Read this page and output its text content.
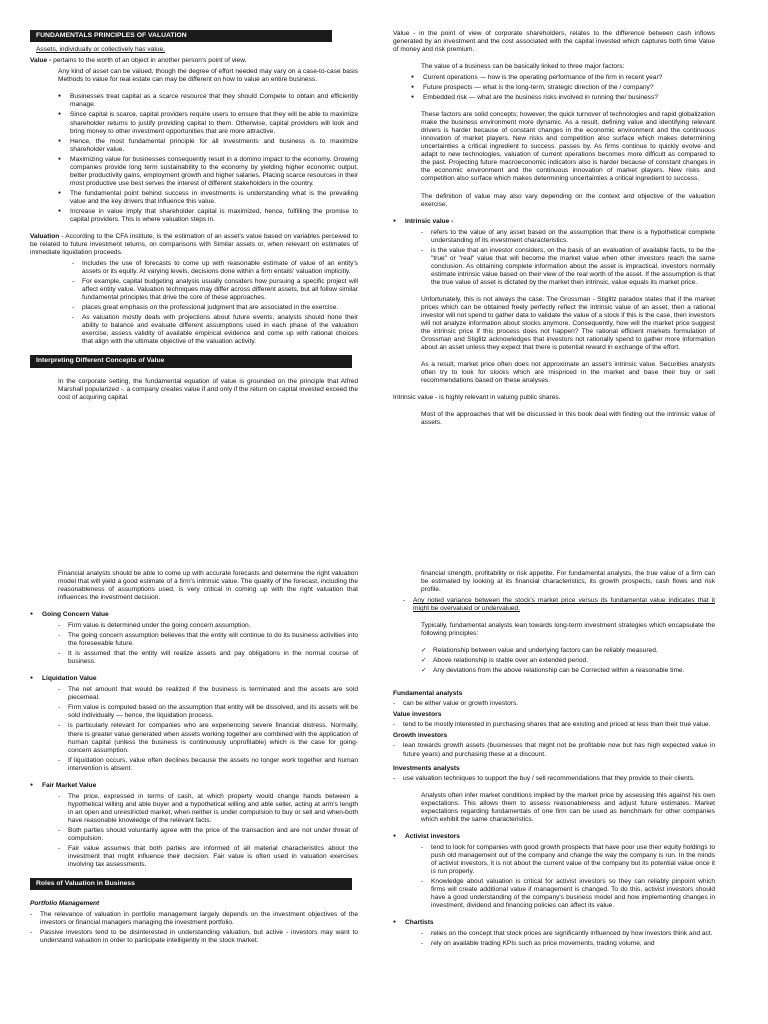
FUNDAMENTALS PRINCIPLES OF VALUATION

Assets, individually or collectively has value.

Value - pertains to the worth of an object in another person's point of view.

Any kind of asset can be valued, though the degree of effort needed may vary on a case-to-case basis Methods to value for real estate can may be different on how to value an entire business.

● Businesses treat capital as a scarce resource that they should Compete to obtain and efficiently manage.
● Since capital is scarce, capital providers require users to ensure that they will be able to maximize shareholder returns to justify providing capital to them. Otherwise, capital providers will look and bring money to other investment opportunities that are more attractive.
● Hence, the most fundamental principle for all investments and business is to maximize shareholder value.
● Maximizing value for businesses consequently result in a domino impact to the economy. Growing companies provide long term sustainability to the economy by yielding higher economic output, better productivity gains, employment growth and higher salaries. Placing scarce resources in their most productive use best serves the interest of different stakeholders in the country.
● The fundamental point behind success in investments is understanding what is the prevailing value and the key drivers that influence this value.
● Increase in value imply that shareholder capital is maximized, hence, fulfilling the promise to capital providers. This is where valuation steps in.

Valuation - According to the CFA institute, is the estimation of an asset's value based on variables perceived to be related to future investment returns, on comparisons with Similar assets or, when relevant on estimates of immediate liquidation proceeds.

- Includes the use of forecasts to come up with reasonable estimate of value of an entity's assets or its equity. At varying levels, decisions done within a firm entails' valuation implicitly.
- For example, capital budgeting analysis usually considers how pursuing a specific project will affect entity value. Valuation techniques may differ across different assets, but all follow similar fundamental principles that drive the core of these approaches.
- places great emphasis on the professional judgment that are associated in the exercise.
- As valuation mostly deals with projections about future events, analysts should hone their ability to balance and evaluate different assumptions used in each phase of the valuation exercise, assess validity of available empirical evidence and come up with rational choices that align with the ultimate objective of the valuation activity.
Interpreting Different Concepts of Value

In the corporate setting, the fundamental equation of value is grounded on the principle that Alfred Marshall popularized -. a company creates value if and only if the return on capital invested exceed the cost of acquiring capital.

Value - in the point of view of corporate shareholders, relates to the difference between cash inflows generated by an investment and the cost associated with the capital invested which captures both time Value of money and risk premium.

The value of a business can be basically linked to three major factors:

● Current operations — how is the operating performance of the firm in recent year?
● Future prospects — what is the long-term, strategic direction of the / company?
● Embedded risk — what are the business risks involved in running the/ business?

These factors are solid concepts; however, the quick turnover of technologies and rapid globalization make the business environment more dynamic. As a result, defining value and identifying relevant drivers is harder because of constant changes in the economic environment and the continuous innovation of market players. New risks and competition also surface which makes determining uncertainties a critical ingredient to success. passes by. As firms continue to quickly evolve and adapt to new technologies, valuation of current operations becomes more difficult as compared to the past. Projecting future macroeconomic indicators also is harder because of constant changes in the economic environment and the continuous innovation of market players. New risks and competition also surface which makes determining uncertainties a critical ingredient to success.

The definition of value may also vary depending on the context and objective of the valuation exercise,

● Intrinsic value -
- refers to the value of any asset based on the assumption that there is a hypothetical complete understanding of its investment characteristics.
- is the value that an investor considers, on the basis of an evaluation of available facts, to be the "true" or "real" value that will become the market value when other investors reach the same conclusion. As obtaining complete information about the asset is impractical, investors normally estimate intrinsic value based on their view of the real worth of the asset. If the assumption is that the true value of asset is dictated by the market then intrinsic, value equals its market price.

Unfortunately, this is not always the case. The Grossman - Stiglitz paradox states that if the market prices which can be obtained freely perfectly reflect the intrinsic value of an asset, then a rational investor will not spend to gather data to validate the value of a stock if this is the case, then investors will not analyze information about stocks anymore. Consequently, how will the market price suggest the intrinsic price if this process does not happen? The rational efficient markets formulation of Grossman and Stiglitz acknowledges that investors not rationally spend to gather more information about an asset unless they expect that there is potential reward in exchange of the effort.

As a result, market price often does not approximate an asset's intrinsic value. Securities analysts often try to look for stocks which are mispriced in the market and base their buy or sell recommendations based on these analyses.

Intrinsic value - is highly relevant in valuing public shares.

Most of the approaches that will be discussed in this book deal with finding out the intrinsic value of assets.

Financial analysts should be able to come up with accurate forecasts and determine the right valuation model that will yield a good estimate of a firm's intrinsic value. The quality of the forecast, including the reasonableness of assumptions used, is very critical in coming up with the right valuation that influences the investment decision.

● Going Concern Value
- Firm value is determined under the going concern assumption.
- The going concern assumption believes that the entity will continue to do its business activities into the foreseeable future.
- It is assumed that the entity will realize assets and pay obligations in the normal course of business.
● Liquidation Value
- The net amount that would be realized if the business is terminated and the assets are sold piecemeal.
- Firm value is computed based on the assumption that entity will be dissolved, and its assets will be sold individually — hence, the liquidation process.
- is particularly relevant for companies who are experiencing severe financial distress. Normally, there is greater value generated when assets working together are combined with the application of human capital (unless the business is continuously unprofitable) which is the case for going-concern assumption.
- If liquidation occurs, value often declines because the assets no longer work together and human intervention is absent.
● Fair Market Value
- The price, expressed in terms of cash, at which property would change hands between a hypothetical willing and able buyer and a hypothetical willing and able seller, acting at arm's length in an open and unrestricted market, when neither is under compulsion to buy or sell and when-both have reasonable knowledge of the relevant facts.
- Both parties should voluntarily agree with the price of the transaction and are not under threat of compulsion.
- Fair value assumes that both parties are informed of all material characteristics about the investment that might influence their decision. Fair value is often used in valuation exercises involving tax assessments.
Roles of Valuation in Business

Portfolio Management

- The relevance of valuation in portfolio management largely depends on the investment objectives of the investors or financial managers managing the investment portfolio.
- Passive investors tend to be disinterested in understanding valuation, but active - investors may want to understand valuation in order to participate intelligently in the stock market.

financial strength, profitability or risk appetite. For fundamental analysts, the true value of a firm can be estimated by looking at its financial characteristics, its growth prospects, cash flows and risk profile.

- Any noted variance between the stock's market price versus its fundamental value indicates that it might be overvalued or undervalued.

Typically, fundamental analysts lean towards long-term investment strategies which encapsulate the following principles:

✓ Relationship between value and underlying factors can be reliably measured.
✓ Above relationship is stable over an extended period.
✓ Any deviations from the above relationship can be Corrected within a reasonable time.
Fundamental analysts
- can be either value or growth investors.
Value investors
- tend to be mostly interested in purchasing shares that are existing and priced at less than their true value.
Growth investors
- lean towards growth assets (businesses that might not be profitable now but has high expected value in future years) and purchasing these at a discount.
Investments analysts
- use valuation techniques to support the buy / sell recommendations that they provide to their clients.

Analysts often infer market conditions implied by the market price by assessing this against his own expectations. This allows them to assess reasonableness and adjust future estimates. Market expectations regarding fundamentals of one firm can be used as benchmark for other companies which exhibit the same characteristics.

● Activist investors
- tend to look for companies with good growth prospects that have poor use their equity holdings to push old management out of the company and change the way the company is run. In the minds of activist investors, it is not about the current value of the company but its potential value once it is run properly.
- Knowledge about valuation is critical for activist investors so they can reliably pinpoint which firms will create additional value if management is changed. To do this, activist investors should have a good understanding of the company's business model and how implementing changes in investment, dividend and financing policies can affect its value.
● Chartists
- relies on the concept that stock prices are significantly influenced by how investors think and act.
- rely on available trading KPIs such as price movements, trading volume, and
